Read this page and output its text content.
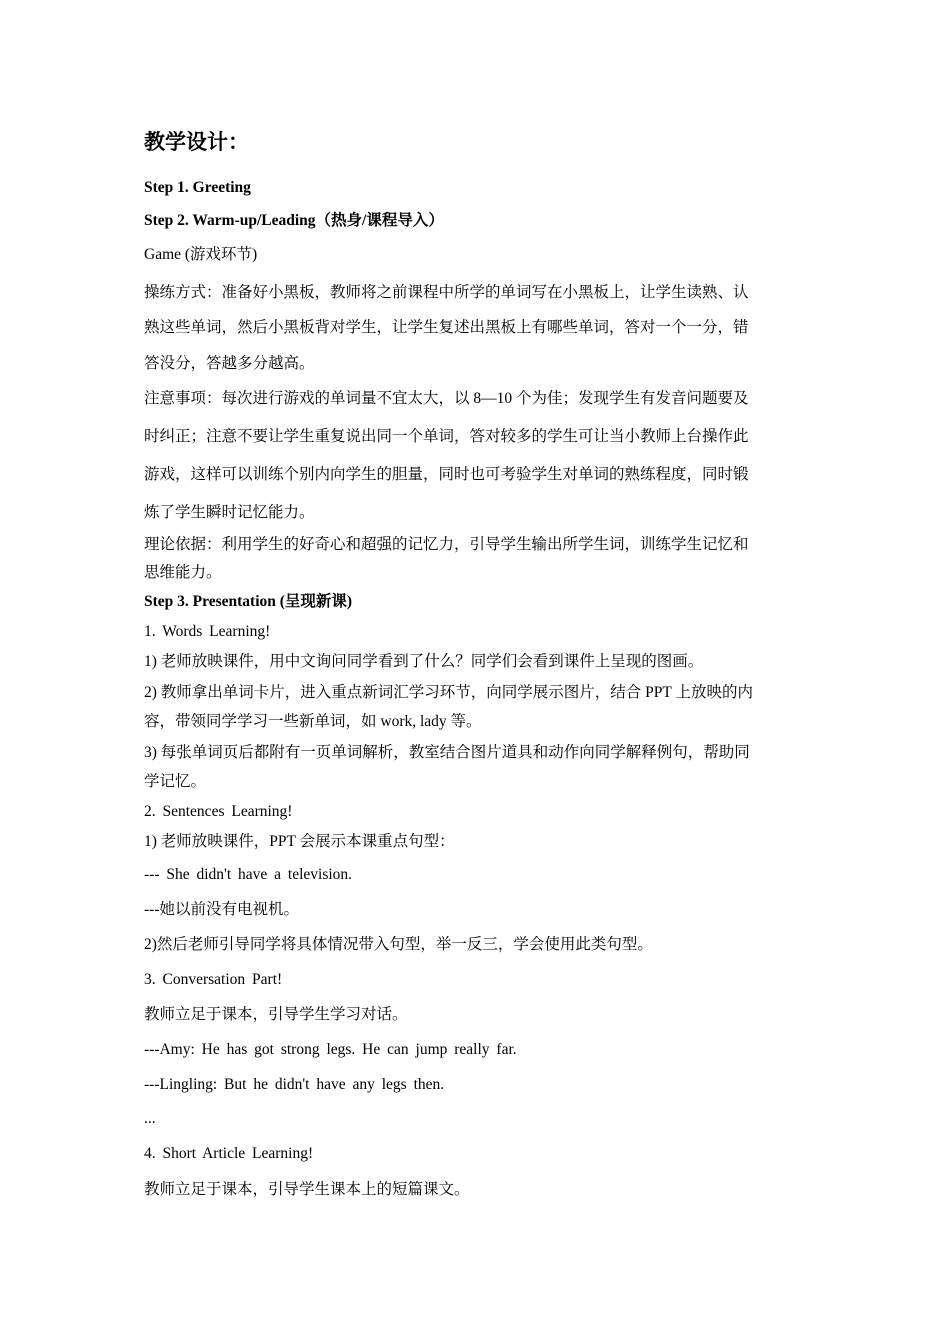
教学设计：
Step 1. Greeting
Step 2. Warm-up/Leading（热身/课程导入）
Game (游戏环节)
操练方式：准备好小黑板，教师将之前课程中所学的单词写在小黑板上，让学生读熟、认
熟这些单词，然后小黑板背对学生，让学生复述出黑板上有哪些单词，答对一个一分，错
答没分，答越多分越高。
注意事项：每次进行游戏的单词量不宜太大，以 8—10 个为佳；发现学生有发音问题要及
时纠正；注意不要让学生重复说出同一个单词，答对较多的学生可让当小教师上台操作此
游戏，这样可以训练个别内向学生的胆量，同时也可考验学生对单词的熟练程度，同时锻
炼了学生瞬时记忆能力。
理论依据：利用学生的好奇心和超强的记忆力，引导学生输出所学生词，训练学生记忆和
思维能力。
Step 3. Presentation (呈现新课)
1. Words Learning!
1) 老师放映课件，用中文询问同学看到了什么？同学们会看到课件上呈现的图画。
2) 教师拿出单词卡片，进入重点新词汇学习环节，向同学展示图片，结合 PPT 上放映的内
容，带领同学学习一些新单词，如 work, lady 等。
3) 每张单词页后都附有一页单词解析，教室结合图片道具和动作向同学解释例句，帮助同
学记忆。
2. Sentences Learning!
1) 老师放映课件，PPT 会展示本课重点句型：
--- She didn't have a television.
---她以前没有电视机。
2)然后老师引导同学将具体情况带入句型，举一反三，学会使用此类句型。
3. Conversation Part!
教师立足于课本，引导学生学习对话。
---Amy: He has got strong legs. He can jump really far.
---Lingling: But he didn't have any legs then.
...
4. Short Article Learning!
教师立足于课本，引导学生课本上的短篇课文。
